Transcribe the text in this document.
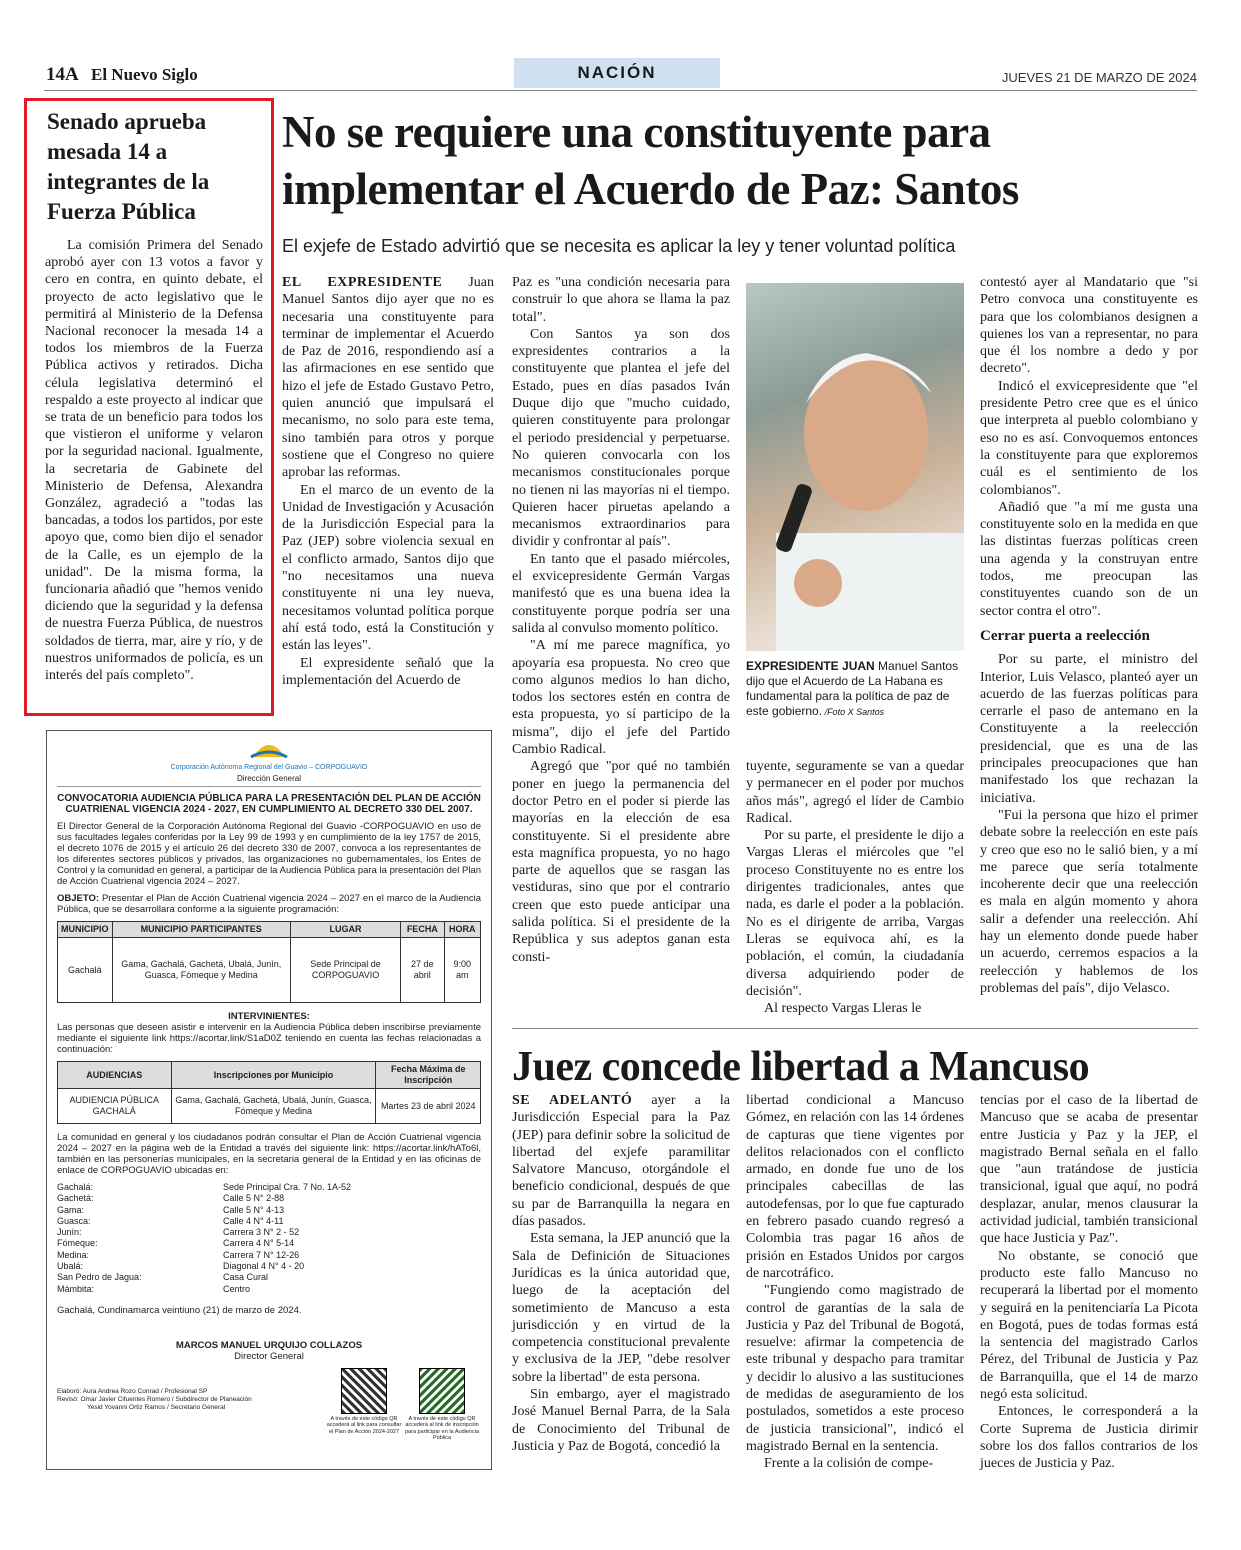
14A El Nuevo Siglo	NACIÓN	JUEVES 21 DE MARZO DE 2024
Senado aprueba mesada 14 a integrantes de la Fuerza Pública

La comisión Primera del Senado aprobó ayer con 13 votos a favor y cero en contra, en quinto debate, el proyecto de acto legislativo que le permitirá al Ministerio de la Defensa Nacional reconocer la mesada 14 a todos los miembros de la Fuerza Pública activos y retirados. Dicha célula legislativa determinó el respaldo a este proyecto al indicar que se trata de un beneficio para todos los que vistieron el uniforme y velaron por la seguridad nacional. Igualmente, la secretaria de Gabinete del Ministerio de Defensa, Alexandra González, agradeció a "todas las bancadas, a todos los partidos, por este apoyo que, como bien dijo el senador de la Calle, es un ejemplo de la unidad". De la misma forma, la funcionaria añadió que "hemos venido diciendo que la seguridad y la defensa de nuestra Fuerza Pública, de nuestros soldados de tierra, mar, aire y río, y de nuestros uniformados de policía, es un interés del país completo".

No se requiere una constituyente para implementar el Acuerdo de Paz: Santos
El exjefe de Estado advirtió que se necesita es aplicar la ley y tener voluntad política

EL EXPRESIDENTE Juan Manuel Santos dijo ayer que no es necesaria una constituyente para terminar de implementar el Acuerdo de Paz de 2016, respondiendo así a las afirmaciones en ese sentido que hizo el jefe de Estado Gustavo Petro, quien anunció que impulsará el mecanismo, no solo para este tema, sino también para otros y porque sostiene que el Congreso no quiere aprobar las reformas.

En el marco de un evento de la Unidad de Investigación y Acusación de la Jurisdicción Especial para la Paz (JEP) sobre violencia sexual en el conflicto armado, Santos dijo que "no necesitamos una nueva constituyente ni una ley nueva, necesitamos voluntad política porque ahí está todo, está la Constitución y están las leyes".

El expresidente señaló que la implementación del Acuerdo de

Paz es "una condición necesaria para construir lo que ahora se llama la paz total".

Con Santos ya son dos expresidentes contrarios a la constituyente que plantea el jefe del Estado, pues en días pasados Iván Duque dijo que "mucho cuidado, quieren constituyente para prolongar el periodo presidencial y perpetuarse. No quieren convocarla con los mecanismos constitucionales porque no tienen ni las mayorías ni el tiempo. Quieren hacer piruetas apelando a mecanismos extraordinarios para dividir y confrontar al país".

En tanto que el pasado miércoles, el exvicepresidente Germán Vargas manifestó que es una buena idea la constituyente porque podría ser una salida al convulso momento político.

"A mí me parece magnífica, yo apoyaría esa propuesta. No creo que como algunos medios lo han dicho, todos los sectores estén en contra de esta propuesta, yo sí participo de la misma", dijo el jefe del Partido Cambio Radical.

Agregó que "por qué no también poner en juego la permanencia del doctor Petro en el poder si pierde las mayorías en la elección de esa constituyente. Si el presidente abre esta magnífica propuesta, yo no hago parte de aquellos que se rasgan las vestiduras, sino que por el contrario creen que esto puede anticipar una salida política. Si el presidente de la República y sus adeptos ganan esta consti-

EXPRESIDENTE JUAN Manuel Santos dijo que el Acuerdo de La Habana es fundamental para la política de paz de este gobierno. /Foto X Santos

tuyente, seguramente se van a quedar y permanecer en el poder por muchos años más", agregó el líder de Cambio Radical.

Por su parte, el presidente le dijo a Vargas Lleras el miércoles que "el proceso Constituyente no es entre los dirigentes tradicionales, antes que nada, es darle el poder a la población. No es el dirigente de arriba, Vargas Lleras se equivoca ahí, es la población, el común, la ciudadanía diversa adquiriendo poder de decisión".

Al respecto Vargas Lleras le

contestó ayer al Mandatario que "si Petro convoca una constituyente es para que los colombianos designen a quienes los van a representar, no para que él los nombre a dedo y por decreto".

Indicó el exvicepresidente que "el presidente Petro cree que es el único que interpreta al pueblo colombiano y eso no es así. Convoquemos entonces la constituyente para que exploremos cuál es el sentimiento de los colombianos".

Añadió que "a mí me gusta una constituyente solo en la medida en que las distintas fuerzas políticas creen una agenda y la construyan entre todos, me preocupan las constituyentes cuando son de un sector contra el otro".

Cerrar puerta a reelección

Por su parte, el ministro del Interior, Luis Velasco, planteó ayer un acuerdo de las fuerzas políticas para cerrarle el paso de antemano en la Constituyente a la reelección presidencial, que es una de las principales preocupaciones que han manifestado los que rechazan la iniciativa.

"Fui la persona que hizo el primer debate sobre la reelección en este país y creo que eso no le salió bien, y a mí me parece que sería totalmente incoherente decir que una reelección es mala en algún momento y ahora salir a defender una reelección. Ahí hay un elemento donde puede haber un acuerdo, cerremos espacios a la reelección y hablemos de los problemas del país", dijo Velasco.

Juez concede libertad a Mancuso

SE ADELANTÓ ayer a la Jurisdicción Especial para la Paz (JEP) para definir sobre la solicitud de libertad del exjefe paramilitar Salvatore Mancuso, otorgándole el beneficio condicional, después de que su par de Barranquilla la negara en días pasados.

Esta semana, la JEP anunció que la Sala de Definición de Situaciones Jurídicas es la única autoridad que, luego de la aceptación del sometimiento de Mancuso a esta jurisdicción y en virtud de la competencia constitucional prevalente y exclusiva de la JEP, "debe resolver sobre la libertad" de esta persona.

Sin embargo, ayer el magistrado José Manuel Bernal Parra, de la Sala de Conocimiento del Tribunal de Justicia y Paz de Bogotá, concedió la

libertad condicional a Mancuso Gómez, en relación con las 14 órdenes de capturas que tiene vigentes por delitos relacionados con el conflicto armado, en donde fue uno de los principales cabecillas de las autodefensas, por lo que fue capturado en febrero pasado cuando regresó a Colombia tras pagar 16 años de prisión en Estados Unidos por cargos de narcotráfico.

"Fungiendo como magistrado de control de garantías de la sala de Justicia y Paz del Tribunal de Bogotá, resuelve: afirmar la competencia de este tribunal y despacho para tramitar y decidir lo alusivo a las sustituciones de medidas de aseguramiento de los postulados, sometidos a este proceso de justicia transicional", indicó el magistrado Bernal en la sentencia.

Frente a la colisión de compe-

tencias por el caso de la libertad de Mancuso que se acaba de presentar entre Justicia y Paz y la JEP, el magistrado Bernal señala en el fallo que "aun tratándose de justicia transicional, igual que aquí, no podrá desplazar, anular, menos clausurar la actividad judicial, también transicional que hace Justicia y Paz".

No obstante, se conoció que producto este fallo Mancuso no recuperará la libertad por el momento y seguirá en la penitenciaría La Picota en Bogotá, pues de todas formas está la sentencia del magistrado Carlos Pérez, del Tribunal de Justicia y Paz de Barranquilla, que el 14 de marzo negó esta solicitud.

Entonces, le corresponderá a la Corte Suprema de Justicia dirimir sobre los dos fallos contrarios de los jueces de Justicia y Paz.

Corporación Autónoma Regional del Guavio – CORPOGUAVIO
Dirección General
CONVOCATORIA AUDIENCIA PÚBLICA PARA LA PRESENTACIÓN DEL PLAN DE ACCIÓN CUATRIENAL VIGENCIA 2024 - 2027, EN CUMPLIMIENTO AL DECRETO 330 DEL 2007.
El Director General de la Corporación Autónoma Regional del Guavio -CORPOGUAVIO en uso de sus facultades legales conferidas por la Ley 99 de 1993 y en cumplimiento de la ley 1757 de 2015, el decreto 1076 de 2015 y el artículo 26 del decreto 330 de 2007, convoca a los representantes de los diferentes sectores públicos y privados, las organizaciones no gubernamentales, los Entes de Control y la comunidad en general, a participar de la Audiencia Pública para la presentación del Plan de Acción Cuatrienal vigencia 2024 – 2027.
OBJETO: Presentar el Plan de Acción Cuatrienal vigencia 2024 – 2027 en el marco de la Audiencia Pública, que se desarrollara conforme a la siguiente programación:
MUNICIPIO	MUNICIPIO PARTICIPANTES	LUGAR	FECHA	HORA
Gachalá	Gama, Gachalá, Gachetá, Ubalá, Junín, Guasca, Fómeque y Medina	Sede Principal de CORPOGUAVIO	27 de abril	9:00 am
INTERVINIENTES:
Las personas que deseen asistir e intervenir en la Audiencia Pública deben inscribirse previamente mediante el siguiente link https://acortar.link/S1aD0Z teniendo en cuenta las fechas relacionadas a continuación:
AUDIENCIAS	Inscripciones por Municipio	Fecha Máxima de Inscripción
AUDIENCIA PÚBLICA GACHALÁ	Gama, Gachalá, Gachetá, Ubalá, Junín, Guasca, Fómeque y Medina	Martes 23 de abril 2024
La comunidad en general y los ciudadanos podrán consultar el Plan de Acción Cuatrienal vigencia 2024 – 2027 en la página web de la Entidad a través del siguiente link: https://acortar.link/hATo6l, también en las personerías municipales, en la secretaria general de la Entidad y en las oficinas de enlace de CORPOGUAVIO ubicadas en:
Gachalá:	Sede Principal Cra. 7 No. 1A-52
Gachetá:	Calle 5 N° 2-88
Gama:	Calle 5 N° 4-13
Guasca:	Calle 4 N° 4-11
Junín:	Carrera 3 N° 2 - 52
Fómeque:	Carrera 4 N° 5-14
Medina:	Carrera 7 N° 12-26
Ubalá:	Diagonal 4 N° 4 - 20
San Pedro de Jagua:	Casa Cural
Mámbita:	Centro
Gachalá, Cundinamarca veintiuno (21) de marzo de 2024.
MARCOS MANUEL URQUIJO COLLAZOS
Director General
Elaboró: Aura Andrea Rozo Conrad / Profesional SP
Revisó: Omar Javier Cifuentes Romero / Subdirector de Planeación
Yesid Yovanni Ortiz Ramos / Secretario General
A través de este código QR accederá al link para consultar el Plan de Acción 2024-2027
A través de este código QR accederá al link de inscripción para participar en la Audiencia Pública
